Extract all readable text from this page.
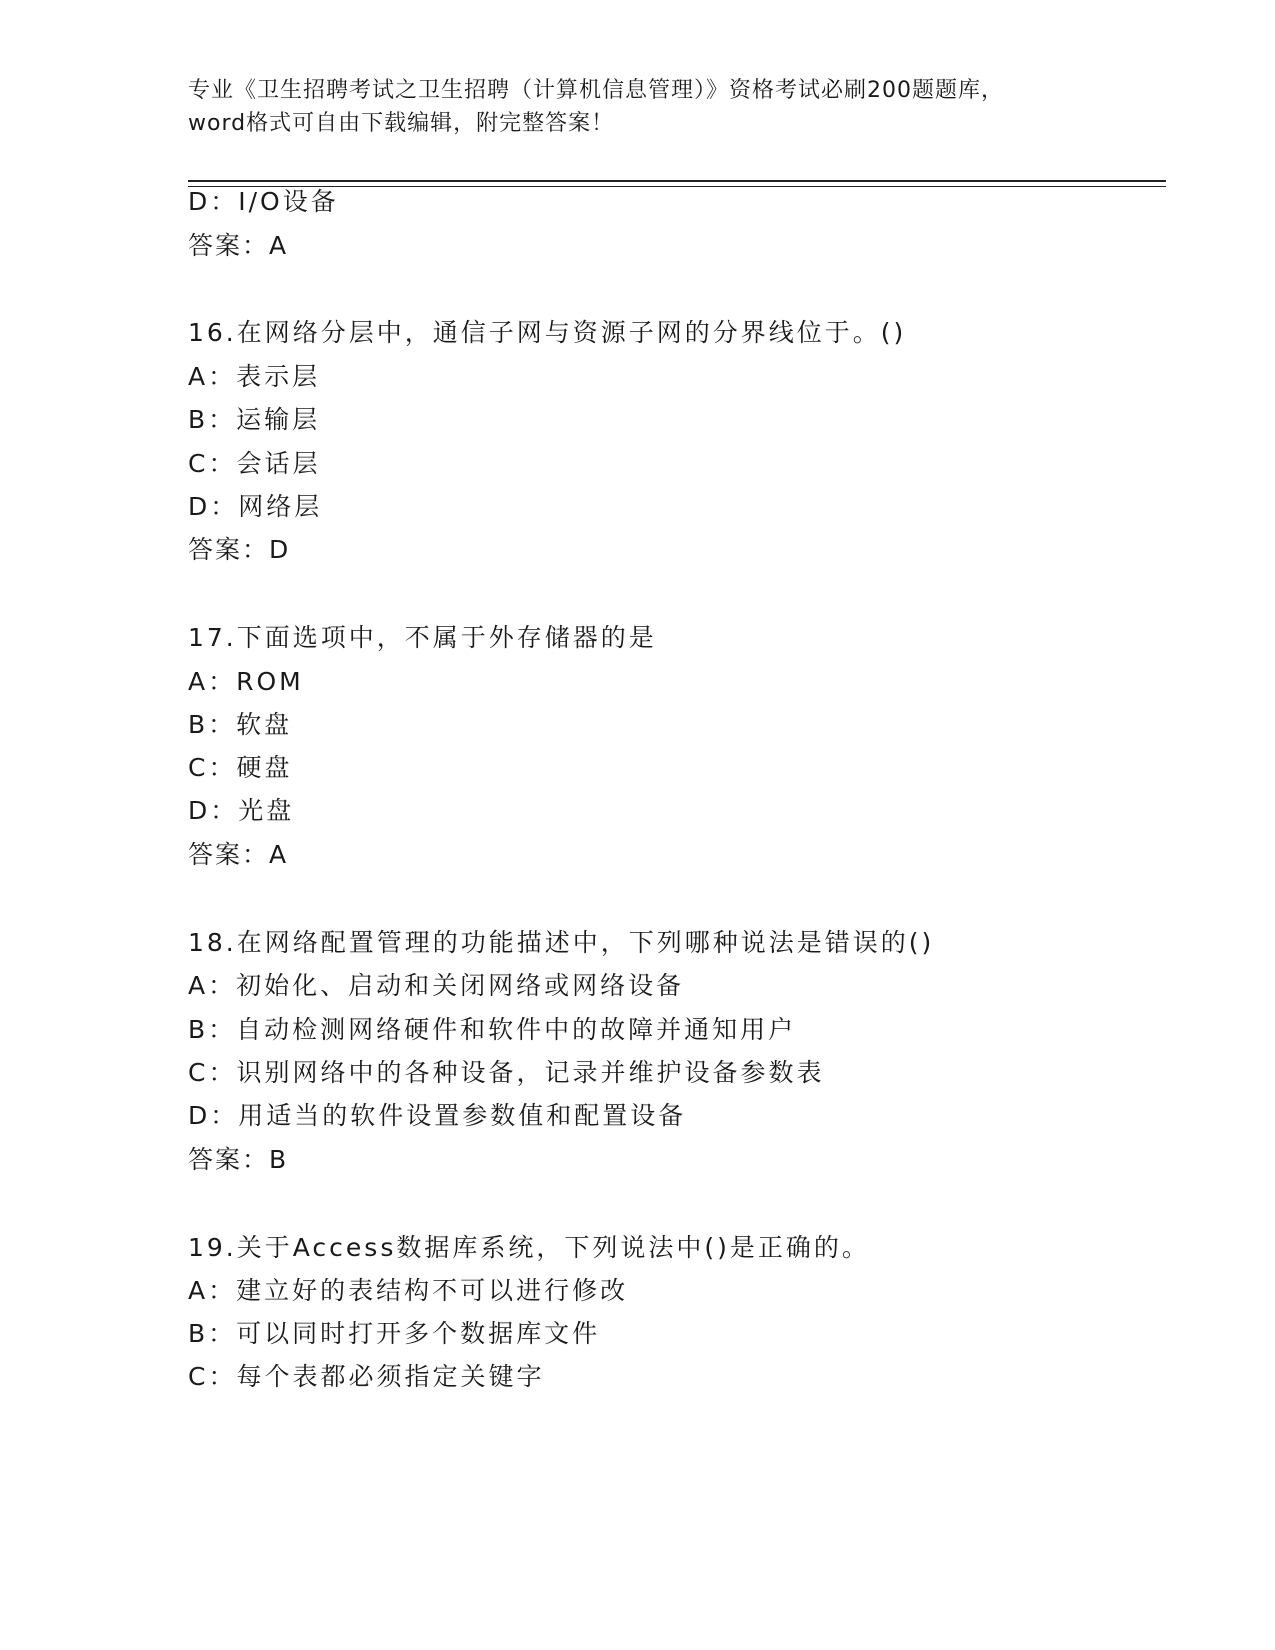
专业《卫生招聘考试之卫生招聘（计算机信息管理）》资格考试必刷200题题库，
word格式可自由下载编辑，附完整答案！
D：I/O设备
答案：A
16.在网络分层中，通信子网与资源子网的分界线位于。()
A：表示层
B：运输层
C：会话层
D：网络层
答案：D
17.下面选项中，不属于外存储器的是
A：ROM
B：软盘
C：硬盘
D：光盘
答案：A
18.在网络配置管理的功能描述中，下列哪种说法是错误的()
A：初始化、启动和关闭网络或网络设备
B：自动检测网络硬件和软件中的故障并通知用户
C：识别网络中的各种设备，记录并维护设备参数表
D：用适当的软件设置参数值和配置设备
答案：B
19.关于Access数据库系统，下列说法中()是正确的。
A：建立好的表结构不可以进行修改
B：可以同时打开多个数据库文件
C：每个表都必须指定关键字
